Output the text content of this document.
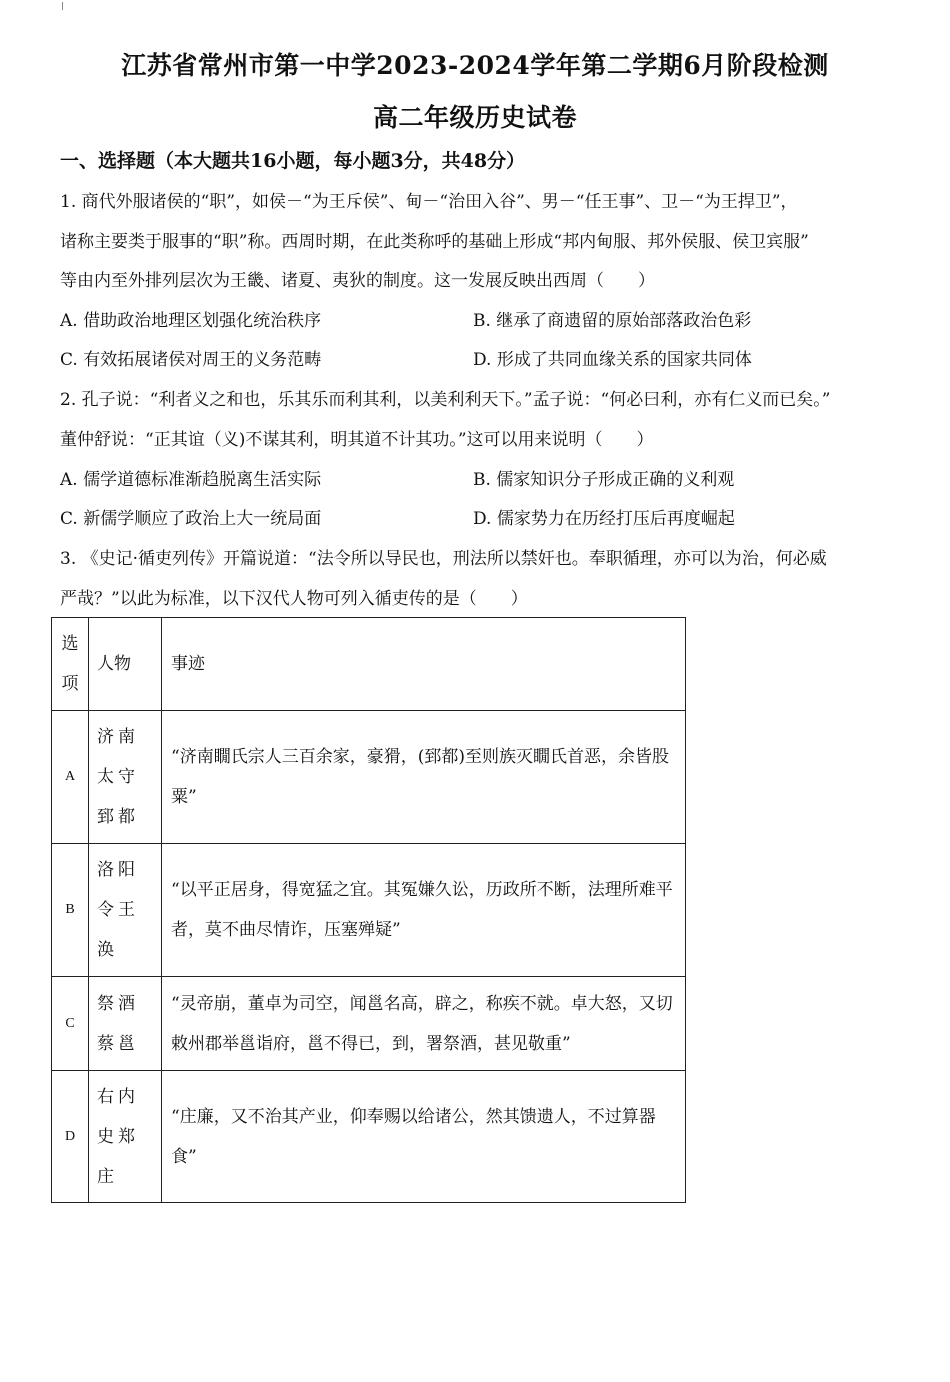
江苏省常州市第一中学2023-2024学年第二学期6月阶段检测
高二年级历史试卷
一、选择题（本大题共16小题，每小题3分，共48分）
1. 商代外服诸侯的“职”，如侯－“为王斥侯”、甸－“治田入谷”、男－“任王事”、卫－“为王捍卫”，
诸称主要类于服事的“职”称。西周时期，在此类称呼的基础上形成“邦内甸服、邦外侯服、侯卫宾服”
等由内至外排列层次为王畿、诸夏、夷狄的制度。这一发展反映出西周（　　）
A. 借助政治地理区划强化统治秩序	B. 继承了商遗留的原始部落政治色彩
C. 有效拓展诸侯对周王的义务范畴	D. 形成了共同血缘关系的国家共同体
2. 孔子说：“利者义之和也，乐其乐而利其利，以美利利天下。”孟子说：“何必曰利，亦有仁义而已矣。”
董仲舒说：“正其谊（义)不谋其利，明其道不计其功。”这可以用来说明（　　）
A. 儒学道德标准渐趋脱离生活实际	B. 儒家知识分子形成正确的义利观
C. 新儒学顺应了政治上大一统局面	D. 儒家势力在历经打压后再度崛起
3. 《史记·循吏列传》开篇说道：“法令所以导民也，刑法所以禁奸也。奉职循理，亦可以为治，何必威
严哉？”以此为标准，以下汉代人物可列入循吏传的是（　　）
选项	人物	事迹
A	济南太守郅都	“济南瞯氏宗人三百余家，豪猾，(郅都)至则族灭瞯氏首恶，余皆股粟”
B	洛阳令王涣	“以平正居身，得宽猛之宜。其冤嫌久讼，历政所不断，法理所难平者，莫不曲尽情诈，压塞殚疑”
C	祭酒蔡邕	“灵帝崩，董卓为司空，闻邕名高，辟之，称疾不就。卓大怒，又切敕州郡举邕诣府，邕不得已，到，署祭酒，甚见敬重”
D	右内史郑庄	“庄廉，又不治其产业，仰奉赐以给诸公，然其馈遗人，不过算器食”
